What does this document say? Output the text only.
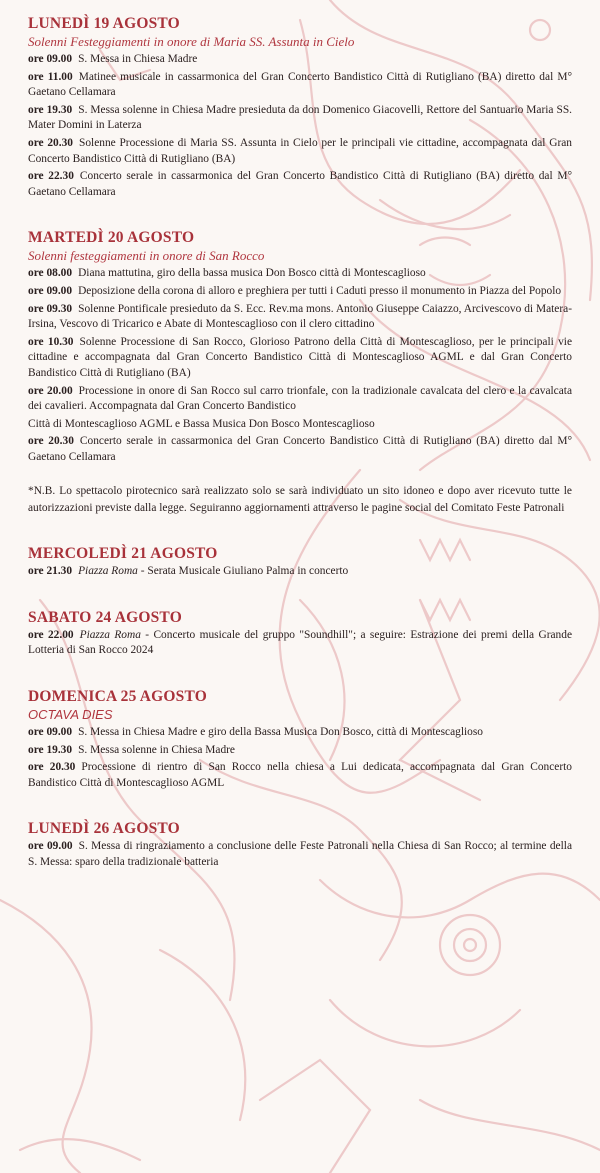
LUNEDÌ 19 AGOSTO
Solenni Festeggiamenti in onore di Maria SS. Assunta in Cielo

ore 09.00 S. Messa in Chiesa Madre

ore 11.00 Matinee musicale in cassarmonica del Gran Concerto Bandistico Città di Rutigliano (BA) diretto dal M° Gaetano Cellamara

ore 19.30 S. Messa solenne in Chiesa Madre presieduta da don Domenico Giacovelli, Rettore del Santuario Maria SS. Mater Domini in Laterza

ore 20.30 Solenne Processione di Maria SS. Assunta in Cielo per le principali vie cittadine, accompagnata dal Gran Concerto Bandistico Città di Rutigliano (BA)

ore 22.30 Concerto serale in cassarmonica del Gran Concerto Bandistico Città di Rutigliano (BA) diretto dal M° Gaetano Cellamara

MARTEDÌ 20 AGOSTO
Solenni festeggiamenti in onore di San Rocco

ore 08.00 Diana mattutina, giro della bassa musica Don Bosco città di Montescaglioso

ore 09.00 Deposizione della corona di alloro e preghiera per tutti i Caduti presso il monumento in Piazza del Popolo

ore 09.30 Solenne Pontificale presieduto da S. Ecc. Rev.ma mons. Antonio Giuseppe Caiazzo, Arcivescovo di Matera-Irsina, Vescovo di Tricarico e Abate di Montescaglioso con il clero cittadino

ore 10.30 Solenne Processione di San Rocco, Glorioso Patrono della Città di Montescaglioso, per le principali vie cittadine e accompagnata dal Gran Concerto Bandistico Città di Montescaglioso AGML e dal Gran Concerto Bandistico Città di Rutigliano (BA)

ore 20.00 Processione in onore di San Rocco sul carro trionfale, con la tradizionale cavalcata del clero e la cavalcata dei cavalieri. Accompagnata dal Gran Concerto Bandistico

Città di Montescaglioso AGML e Bassa Musica Don Bosco Montescaglioso

ore 20.30 Concerto serale in cassarmonica del Gran Concerto Bandistico Città di Rutigliano (BA) diretto dal M° Gaetano Cellamara

*N.B. Lo spettacolo pirotecnico sarà realizzato solo se sarà individuato un sito idoneo e dopo aver ricevuto tutte le autorizzazioni previste dalla legge. Seguiranno aggiornamenti attraverso le pagine social del Comitato Feste Patronali

MERCOLEDÌ 21 AGOSTO

ore 21.30 Piazza Roma - Serata Musicale Giuliano Palma in concerto

SABATO 24 AGOSTO

ore 22.00 Piazza Roma - Concerto musicale del gruppo "Soundhill"; a seguire: Estrazione dei premi della Grande Lotteria di San Rocco 2024

DOMENICA 25 AGOSTO
OCTAVA DIES

ore 09.00 S. Messa in Chiesa Madre e giro della Bassa Musica Don Bosco, città di Montescaglioso

ore 19.30 S. Messa solenne in Chiesa Madre

ore 20.30 Processione di rientro di San Rocco nella chiesa a Lui dedicata, accompagnata dal Gran Concerto Bandistico Città di Montescaglioso AGML

LUNEDÌ 26 AGOSTO

ore 09.00 S. Messa di ringraziamento a conclusione delle Feste Patronali nella Chiesa di San Rocco; al termine della S. Messa: sparo della tradizionale batteria
